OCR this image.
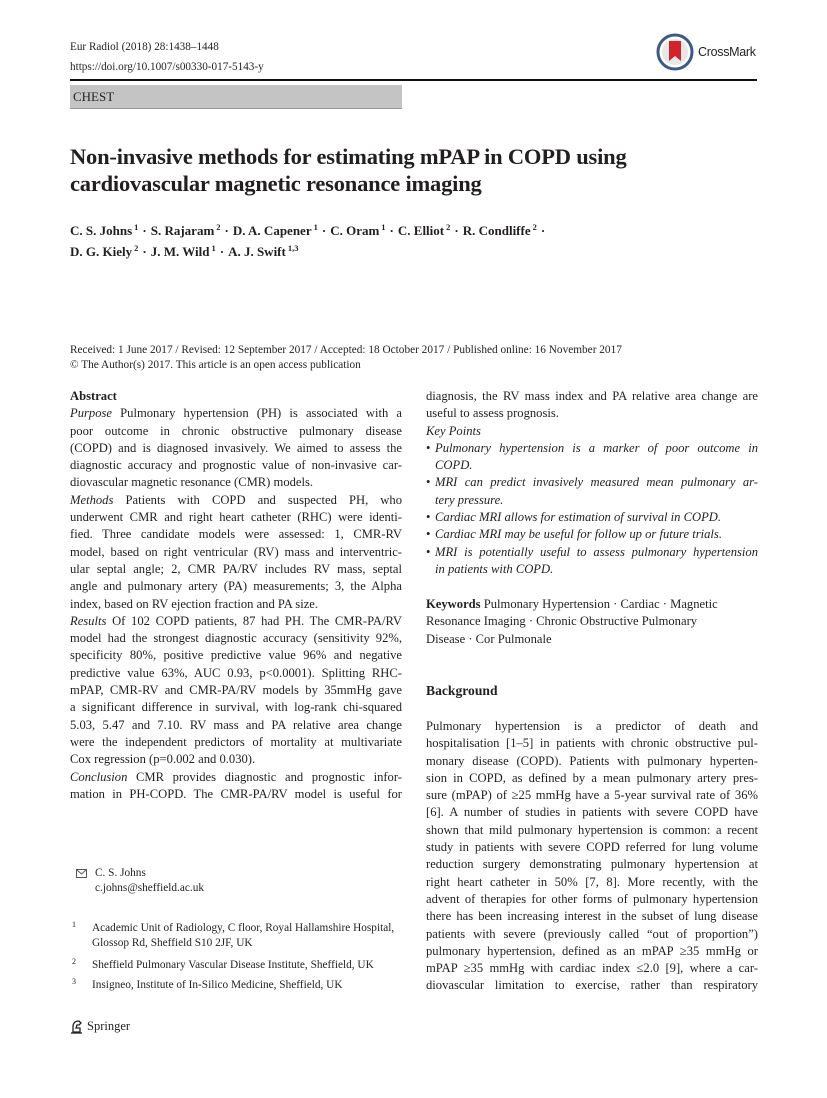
Eur Radiol (2018) 28:1438–1448
https://doi.org/10.1007/s00330-017-5143-y
CrossMark
CHEST
Non-invasive methods for estimating mPAP in COPD using
cardiovascular magnetic resonance imaging
C. S. Johns $^1$ · S. Rajaram $^2$ · D. A. Capener $^1$ · C. Oram $^1$ · C. Elliot $^2$ · R. Condliffe $^2$ ·
D. G. Kiely $^2$ · J. M. Wild $^1$ · A. J. Swift $^{1,3}$
Received: 1 June 2017 / Revised: 12 September 2017 / Accepted: 18 October 2017 / Published online: 16 November 2017
© The Author(s) 2017. This article is an open access publication
Abstract
Purpose Pulmonary hypertension (PH) is associated with a
poor outcome in chronic obstructive pulmonary disease
(COPD) and is diagnosed invasively. We aimed to assess the
diagnostic accuracy and prognostic value of non-invasive car-
diovascular magnetic resonance (CMR) models.
Methods Patients with COPD and suspected PH, who
underwent CMR and right heart catheter (RHC) were identi-
fied. Three candidate models were assessed: 1, CMR-RV
model, based on right ventricular (RV) mass and interventric-
ular septal angle; 2, CMR PA/RV includes RV mass, septal
angle and pulmonary artery (PA) measurements; 3, the Alpha
index, based on RV ejection fraction and PA size.
Results Of 102 COPD patients, 87 had PH. The CMR-PA/RV
model had the strongest diagnostic accuracy (sensitivity 92%,
specificity 80%, positive predictive value 96% and negative
predictive value 63%, AUC 0.93, p<0.0001). Splitting RHC-
mPAP, CMR-RV and CMR-PA/RV models by 35mmHg gave
a significant difference in survival, with log-rank chi-squared
5.03, 5.47 and 7.10. RV mass and PA relative area change
were the independent predictors of mortality at multivariate
Cox regression (p=0.002 and 0.030).
Conclusion CMR provides diagnostic and prognostic infor-
mation in PH-COPD. The CMR-PA/RV model is useful for
diagnosis, the RV mass index and PA relative area change are
useful to assess prognosis.
Key Points
• Pulmonary hypertension is a marker of poor outcome in
COPD.
• MRI can predict invasively measured mean pulmonary ar-
tery pressure.
• Cardiac MRI allows for estimation of survival in COPD.
• Cardiac MRI may be useful for follow up or future trials.
• MRI is potentially useful to assess pulmonary hypertension
in patients with COPD.
Keywords Pulmonary Hypertension · Cardiac · Magnetic
Resonance Imaging · Chronic Obstructive Pulmonary
Disease · Cor Pulmonale
Background
Pulmonary hypertension is a predictor of death and
hospitalisation [1–5] in patients with chronic obstructive pul-
monary disease (COPD). Patients with pulmonary hyperten-
sion in COPD, as defined by a mean pulmonary artery pres-
sure (mPAP) of ≥25 mmHg have a 5-year survival rate of 36%
[6]. A number of studies in patients with severe COPD have
shown that mild pulmonary hypertension is common: a recent
study in patients with severe COPD referred for lung volume
reduction surgery demonstrating pulmonary hypertension at
right heart catheter in 50% [7, 8]. More recently, with the
advent of therapies for other forms of pulmonary hypertension
there has been increasing interest in the subset of lung disease
patients with severe (previously called “out of proportion”)
pulmonary hypertension, defined as an mPAP ≥35 mmHg or
mPAP ≥35 mmHg with cardiac index ≤2.0 [9], where a car-
diovascular limitation to exercise, rather than respiratory
C. S. Johns
c.johns@sheffield.ac.uk
1 Academic Unit of Radiology, C floor, Royal Hallamshire Hospital,
Glossop Rd, Sheffield S10 2JF, UK
2 Sheffield Pulmonary Vascular Disease Institute, Sheffield, UK
3 Insigneo, Institute of In-Silico Medicine, Sheffield, UK
Springer
